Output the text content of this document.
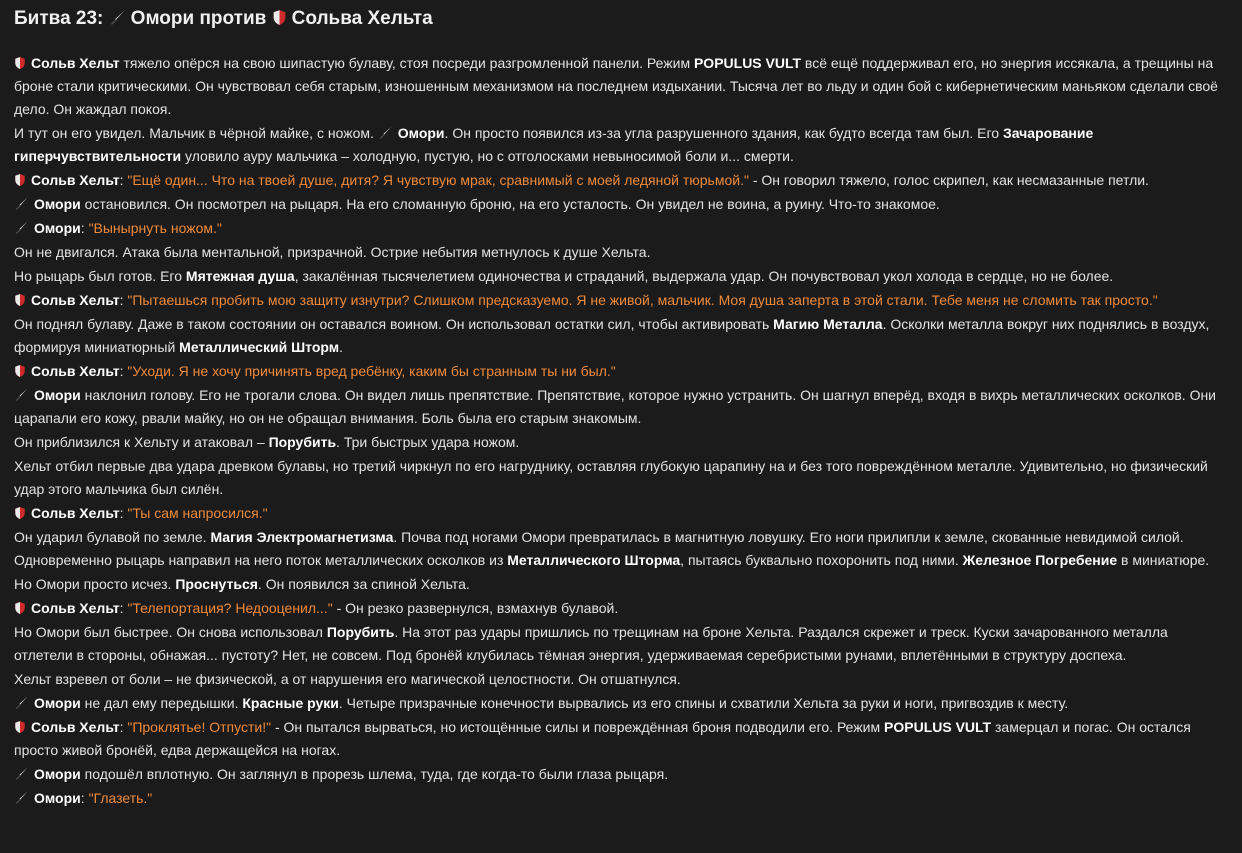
Битва 23: Омори против Сольва Хельта
Сольв Хельт тяжело опёрся на свою шипастую булаву, стоя посреди разгромленной панели. Режим POPULUS VULT всё ещё поддерживал его, но энергия иссякала, а трещины на броне стали критическими. Он чувствовал себя старым, изношенным механизмом на последнем издыхании. Тысяча лет во льду и один бой с кибернетическим маньяком сделали своё дело. Он жаждал покоя.
И тут он его увидел. Мальчик в чёрной майке, с ножом.
Омори. Он просто появился из-за угла разрушенного здания, как будто всегда там был. Его Зачарование гиперчувствительности уловило ауру мальчика – холодную, пустую, но с отголосками невыносимой боли и... смерти.
Сольв Хельт: "Ещё один... Что на твоей душе, дитя? Я чувствую мрак, сравнимый с моей ледяной тюрьмой." - Он говорил тяжело, голос скрипел, как несмазанные петли.
Омори остановился. Он посмотрел на рыцаря. На его сломанную броню, на его усталость. Он увидел не воина, а руину. Что-то знакомое.
Омори: "Вынырнуть ножом."
Он не двигался. Атака была ментальной, призрачной. Острие небытия метнулось к душе Хельта.
Но рыцарь был готов. Его Мятежная душа, закалённая тысячелетием одиночества и страданий, выдержала удар. Он почувствовал укол холода в сердце, но не более.
Сольв Хельт: "Пытаешься пробить мою защиту изнутри? Слишком предсказуемо. Я не живой, мальчик. Моя душа заперта в этой стали. Тебе меня не сломить так просто."
Он поднял булаву. Даже в таком состоянии он оставался воином. Он использовал остатки сил, чтобы активировать Магию Металла. Осколки металла вокруг них поднялись в воздух, формируя миниатюрный Металлический Шторм.
Сольв Хельт: "Уходи. Я не хочу причинять вред ребёнку, каким бы странным ты ни был."
Омори наклонил голову. Его не трогали слова. Он видел лишь препятствие. Препятствие, которое нужно устранить. Он шагнул вперёд, входя в вихрь металлических осколков. Они царапали его кожу, рвали майку, но он не обращал внимания. Боль была его старым знакомым.
Он приблизился к Хельту и атаковал – Порубить. Три быстрых удара ножом.
Хельт отбил первые два удара древком булавы, но третий чиркнул по его нагруднику, оставляя глубокую царапину на и без того повреждённом металле. Удивительно, но физический удар этого мальчика был силён.
Сольв Хельт: "Ты сам напросился."
Он ударил булавой по земле. Магия Электромагнетизма. Почва под ногами Омори превратилась в магнитную ловушку. Его ноги прилипли к земле, скованные невидимой силой. Одновременно рыцарь направил на него поток металлических осколков из Металлического Шторма, пытаясь буквально похоронить под ними. Железное Погребение в миниатюре.
Но Омори просто исчез. Проснуться. Он появился за спиной Хельта.
Сольв Хельт: "Телепортация? Недооценил..." - Он резко развернулся, взмахнув булавой.
Но Омори был быстрее. Он снова использовал Порубить. На этот раз удары пришлись по трещинам на броне Хельта. Раздался скрежет и треск. Куски зачарованного металла отлетели в стороны, обнажая... пустоту? Нет, не совсем. Под бронёй клубилась тёмная энергия, удерживаемая серебристыми рунами, вплетёнными в структуру доспеха.
Хельт взревел от боли – не физической, а от нарушения его магической целостности. Он отшатнулся.
Омори не дал ему передышки. Красные руки. Четыре призрачные конечности вырвались из его спины и схватили Хельта за руки и ноги, пригвоздив к месту.
Сольв Хельт: "Проклятье! Отпусти!" - Он пытался вырваться, но истощённые силы и повреждённая броня подводили его. Режим POPULUS VULT замерцал и погас. Он остался просто живой бронёй, едва держащейся на ногах.
Омори подошёл вплотную. Он заглянул в прорезь шлема, туда, где когда-то были глаза рыцаря.
Омори: "Глазеть."
